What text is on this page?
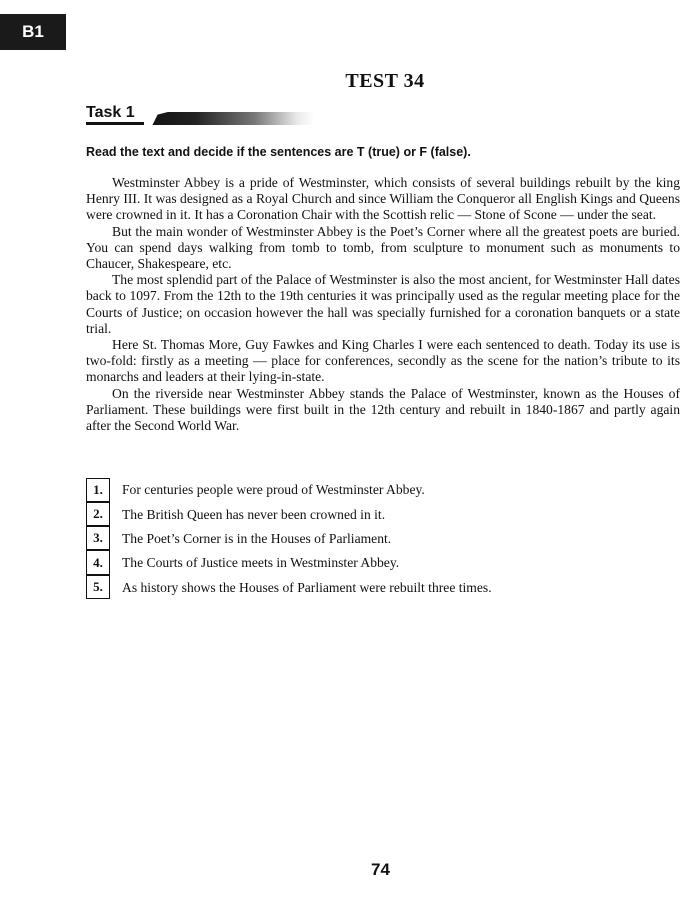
B1
TEST 34
Task 1
Read the text and decide if the sentences are T (true) or F (false).

Westminster Abbey is a pride of Westminster, which consists of several buildings rebuilt by the king Henry III. It was designed as a Royal Church and since William the Conqueror all English Kings and Queens were crowned in it. It has a Coronation Chair with the Scottish relic — Stone of Scone — under the seat.

But the main wonder of Westminster Abbey is the Poet’s Corner where all the greatest poets are buried. You can spend days walking from tomb to tomb, from sculpture to monument such as monuments to Chaucer, Shakespeare, etc.

The most splendid part of the Palace of Westminster is also the most ancient, for Westminster Hall dates back to 1097. From the 12th to the 19th centuries it was principally used as the regular meeting place for the Courts of Justice; on occasion however the hall was specially furnished for a coronation banquets or a state trial.

Here St. Thomas More, Guy Fawkes and King Charles I were each sentenced to death. Today its use is two-fold: firstly as a meeting — place for conferences, secondly as the scene for the nation’s tribute to its monarchs and leaders at their lying-in-state.

On the riverside near Westminster Abbey stands the Palace of Westminster, known as the Houses of Parliament. These buildings were first built in the 12th century and rebuilt in 1840-1867 and partly again after the Second World War.

1.	For centuries people were proud of Westminster Abbey.
2.	The British Queen has never been crowned in it.
3.	The Poet’s Corner is in the Houses of Parliament.
4.	The Courts of Justice meets in Westminster Abbey.
5.	As history shows the Houses of Parliament were rebuilt three times.
74
